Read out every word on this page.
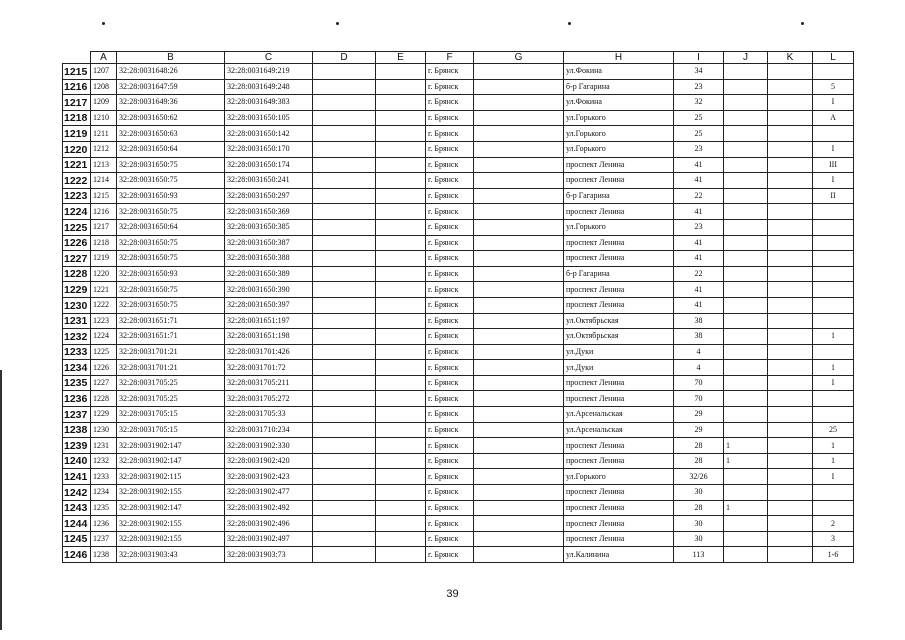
	A	B	C	D	E	F	G	H	I	J	K	L
1215	1207	32:28:0031648:26	32:28:0031649:219			г. Брянск		ул.Фокина	34			
1216	1208	32:28:0031647:59	32:28:0031649:248			г. Брянск		б-р Гагарина	23			5
1217	1209	32:28:0031649:36	32:28:0031649:383			г. Брянск		ул.Фокина	32			I
1218	1210	32:28:0031650:62	32:28:0031650:105			г. Брянск		ул.Горького	25			А
1219	1211	32:28:0031650:63	32:28:0031650:142			г. Брянск		ул.Горького	25			
1220	1212	32:28:0031650:64	32:28:0031650:170			г. Брянск		ул.Горького	23			I
1221	1213	32:28:0031650:75	32:28:0031650:174			г. Брянск		проспект Ленина	41			III
1222	1214	32:28:0031650:75	32:28:0031650:241			г. Брянск		проспект Ленина	41			I
1223	1215	32:28:0031650:93	32:28:0031650:297			г. Брянск		б-р Гагарина	22			II
1224	1216	32:28:0031650:75	32:28:0031650:369			г. Брянск		проспект Ленина	41			
1225	1217	32:28:0031650:64	32:28:0031650:385			г. Брянск		ул.Горького	23			
1226	1218	32:28:0031650:75	32:28:0031650:387			г. Брянск		проспект Ленина	41			
1227	1219	32:28:0031650:75	32:28:0031650:388			г. Брянск		проспект Ленина	41			
1228	1220	32:28:0031650:93	32:28:0031650:389			г. Брянск		б-р Гагарина	22			
1229	1221	32:28:0031650:75	32:28:0031650:390			г. Брянск		проспект Ленина	41			
1230	1222	32:28:0031650:75	32:28:0031650:397			г. Брянск		проспект Ленина	41			
1231	1223	32:28:0031651:71	32:28:0031651:197			г. Брянск		ул.Октябрьская	38			
1232	1224	32:28:0031651:71	32:28:0031651:198			г. Брянск		ул.Октябрьская	38			1
1233	1225	32:28:0031701:21	32:28:0031701:426			г. Брянск		ул.Дуки	4			
1234	1226	32:28:0031701:21	32:28:0031701:72			г. Брянск		ул.Дуки	4			1
1235	1227	32:28:0031705:25	32:28:0031705:211			г. Брянск		проспект Ленина	70			I
1236	1228	32:28:0031705:25	32:28:0031705:272			г. Брянск		проспект Ленина	70			
1237	1229	32:28:0031705:15	32:28:0031705:33			г. Брянск		ул.Арсенальская	29			
1238	1230	32:28:0031705:15	32:28:0031710:234			г. Брянск		ул.Арсенальская	29			25
1239	1231	32:28:0031902:147	32:28:0031902:330			г. Брянск		проспект Ленина	28	1		1
1240	1232	32:28:0031902:147	32:28:0031902:420			г. Брянск		проспект Ленина	28	1		1
1241	1233	32:28:0031902:115	32:28:0031902:423			г. Брянск		ул.Горького	32/26			I
1242	1234	32:28:0031902:155	32:28:0031902:477			г. Брянск		проспект Ленина	30			
1243	1235	32:28:0031902:147	32:28:0031902:492			г. Брянск		проспект Ленина	28	1		
1244	1236	32:28:0031902:155	32:28:0031902:496			г. Брянск		проспект Ленина	30			2
1245	1237	32:28:0031902:155	32:28:0031902:497			г. Брянск		проспект Ленина	30			3
1246	1238	32:28:0031903:43	32:28:0031903:73			г. Брянск		ул.Калинина	113			1-6
39
